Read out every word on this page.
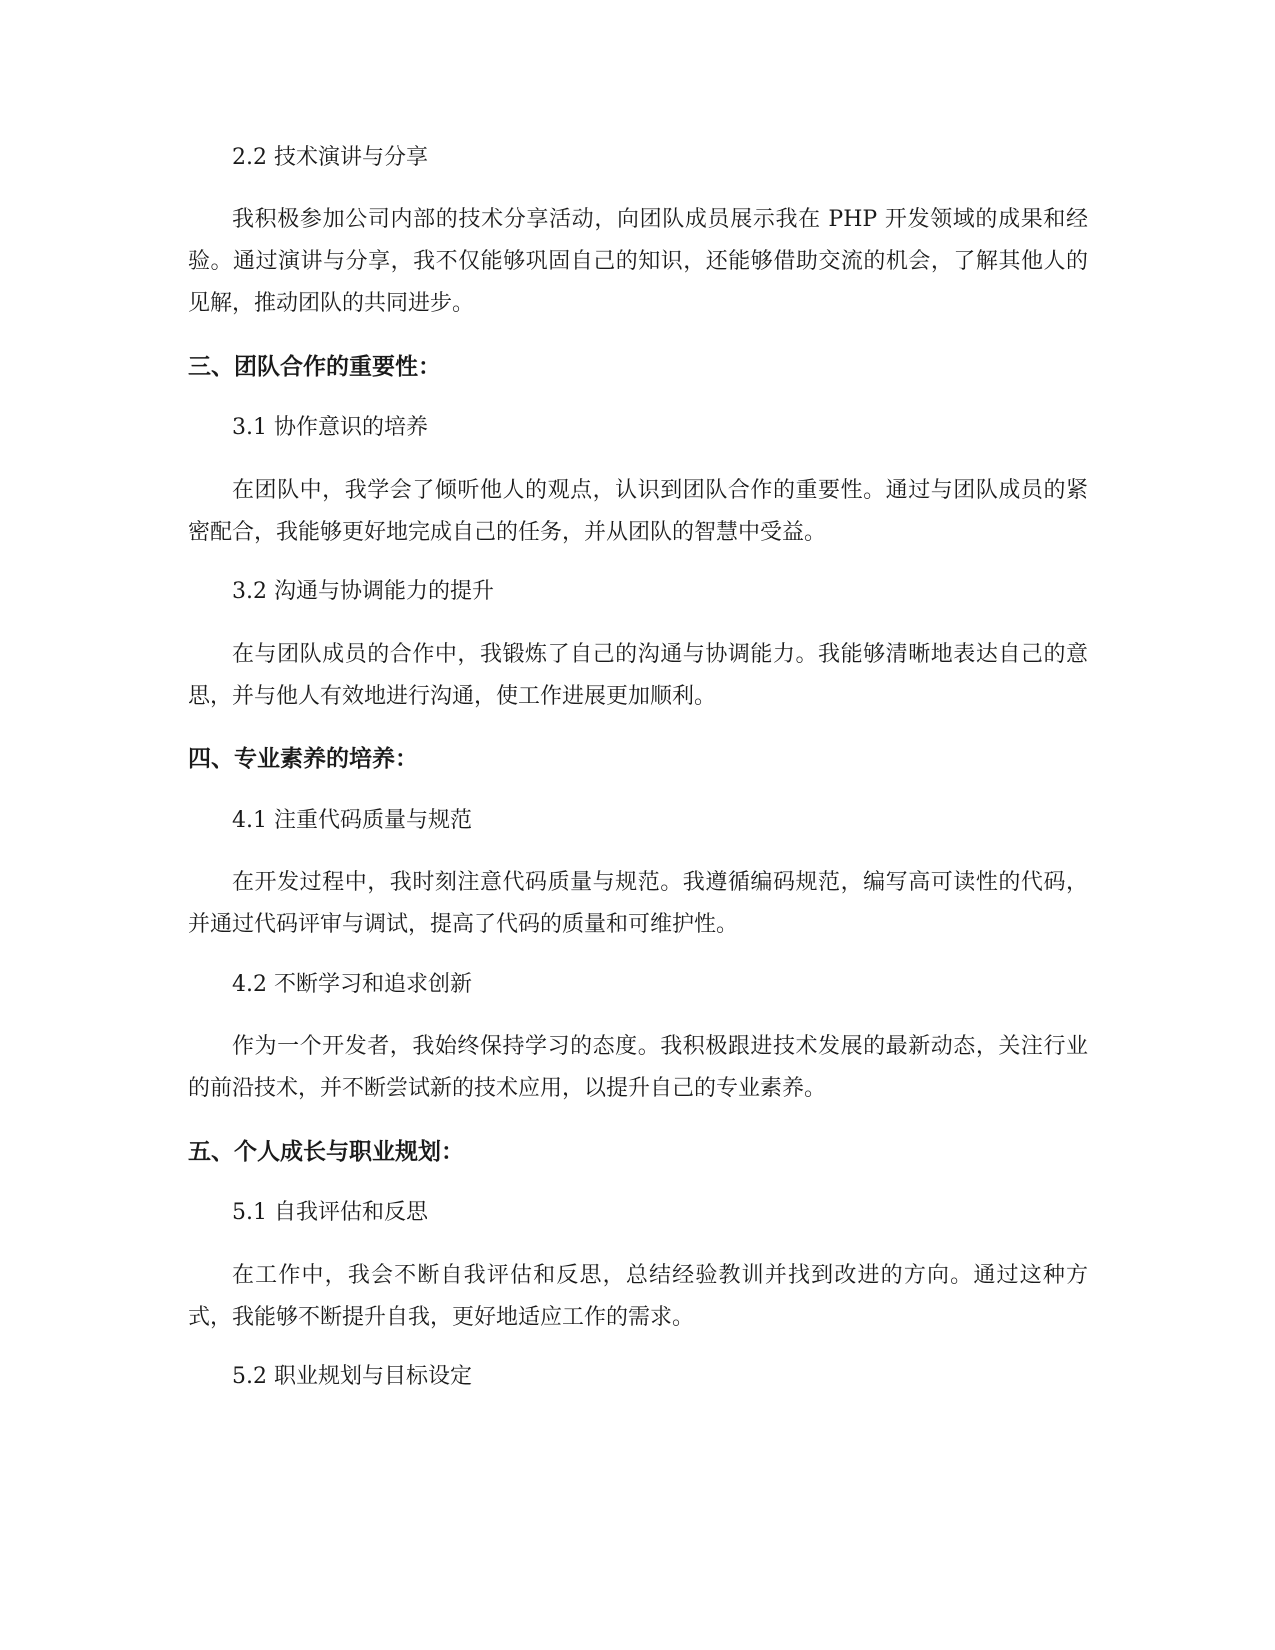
2.2 技术演讲与分享

我积极参加公司内部的技术分享活动，向团队成员展示我在 PHP 开发领域的成果和经验。通过演讲与分享，我不仅能够巩固自己的知识，还能够借助交流的机会，了解其他人的见解，推动团队的共同进步。

三、团队合作的重要性：

3.1 协作意识的培养

在团队中，我学会了倾听他人的观点，认识到团队合作的重要性。通过与团队成员的紧密配合，我能够更好地完成自己的任务，并从团队的智慧中受益。

3.2 沟通与协调能力的提升

在与团队成员的合作中，我锻炼了自己的沟通与协调能力。我能够清晰地表达自己的意思，并与他人有效地进行沟通，使工作进展更加顺利。

四、专业素养的培养：

4.1 注重代码质量与规范

在开发过程中，我时刻注意代码质量与规范。我遵循编码规范，编写高可读性的代码，并通过代码评审与调试，提高了代码的质量和可维护性。

4.2 不断学习和追求创新

作为一个开发者，我始终保持学习的态度。我积极跟进技术发展的最新动态，关注行业的前沿技术，并不断尝试新的技术应用，以提升自己的专业素养。

五、个人成长与职业规划：

5.1 自我评估和反思

在工作中，我会不断自我评估和反思，总结经验教训并找到改进的方向。通过这种方式，我能够不断提升自我，更好地适应工作的需求。

5.2 职业规划与目标设定
